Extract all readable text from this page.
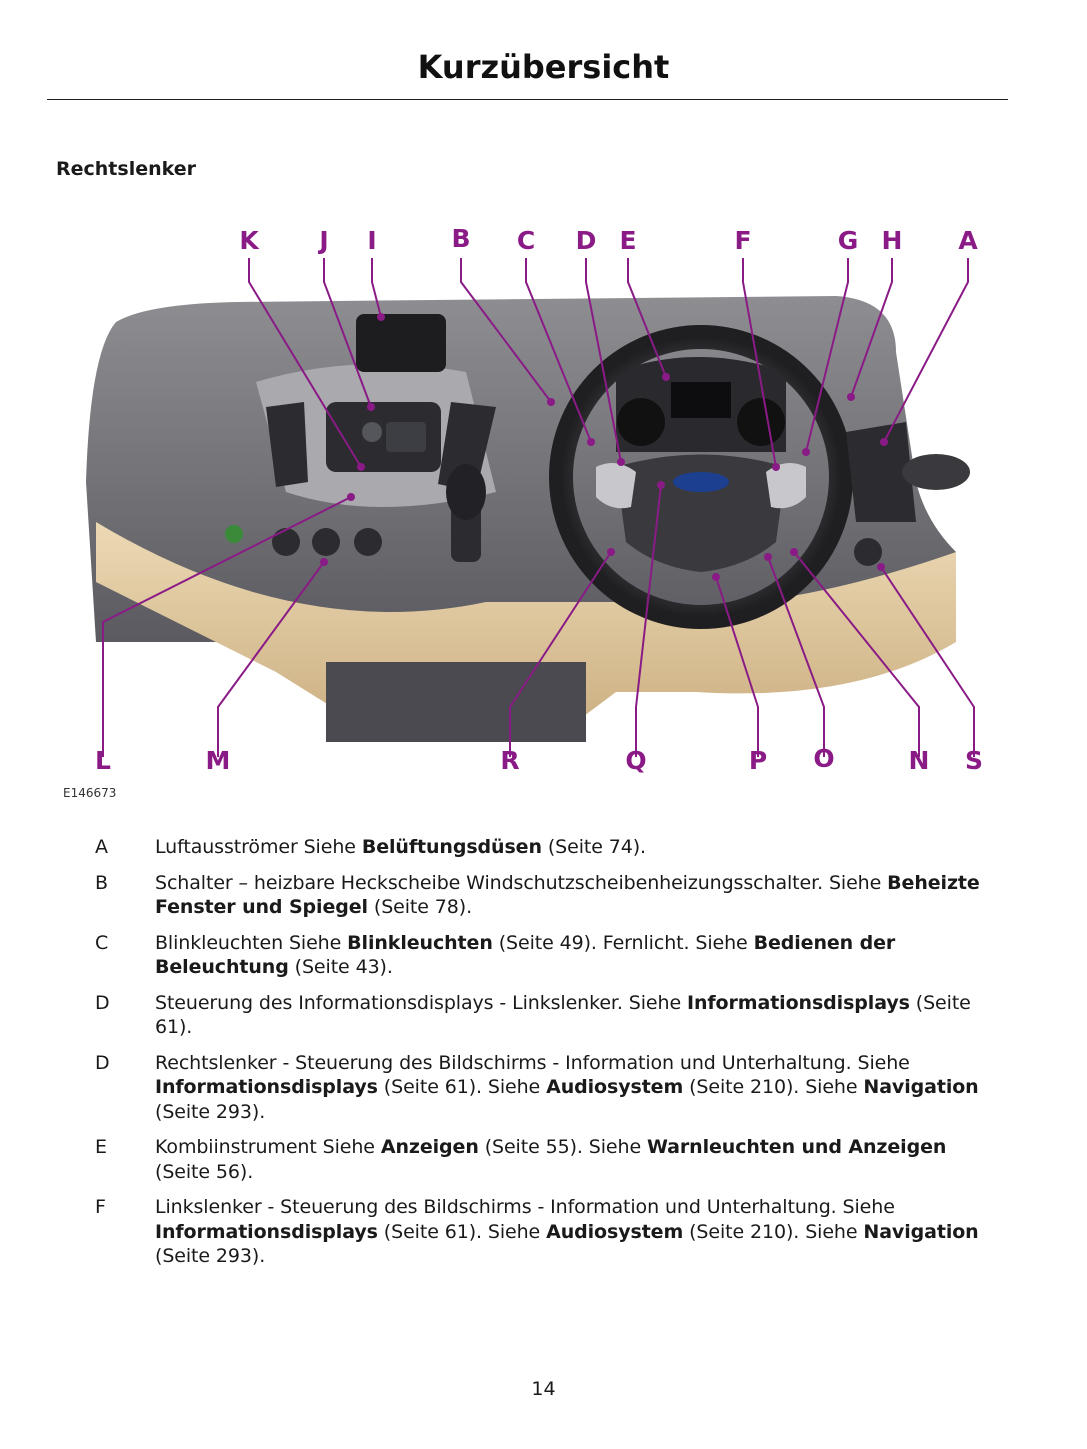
Kurzübersicht
Rechtslenker
K J I	B C D E	F	G H A
L	M	R	Q	P O	N S
E146673
A	Luftausströmer Siehe Belüftungsdüsen (Seite 74).
B	Schalter – heizbare Heckscheibe Windschutzscheibenheizungsschalter. Siehe Beheizte Fenster und Spiegel (Seite 78).
C	Blinkleuchten Siehe Blinkleuchten (Seite 49). Fernlicht. Siehe Bedienen der Beleuchtung (Seite 43).
D	Steuerung des Informationsdisplays - Linkslenker. Siehe Informationsdisplays (Seite 61).
D	Rechtslenker - Steuerung des Bildschirms - Information und Unterhaltung. Siehe Informationsdisplays (Seite 61). Siehe Audiosystem (Seite 210). Siehe Navigation (Seite 293).
E	Kombiinstrument Siehe Anzeigen (Seite 55). Siehe Warnleuchten und Anzeigen (Seite 56).
F	Linkslenker - Steuerung des Bildschirms - Information und Unterhaltung. Siehe Informationsdisplays (Seite 61). Siehe Audiosystem (Seite 210). Siehe Navigation (Seite 293).
14
